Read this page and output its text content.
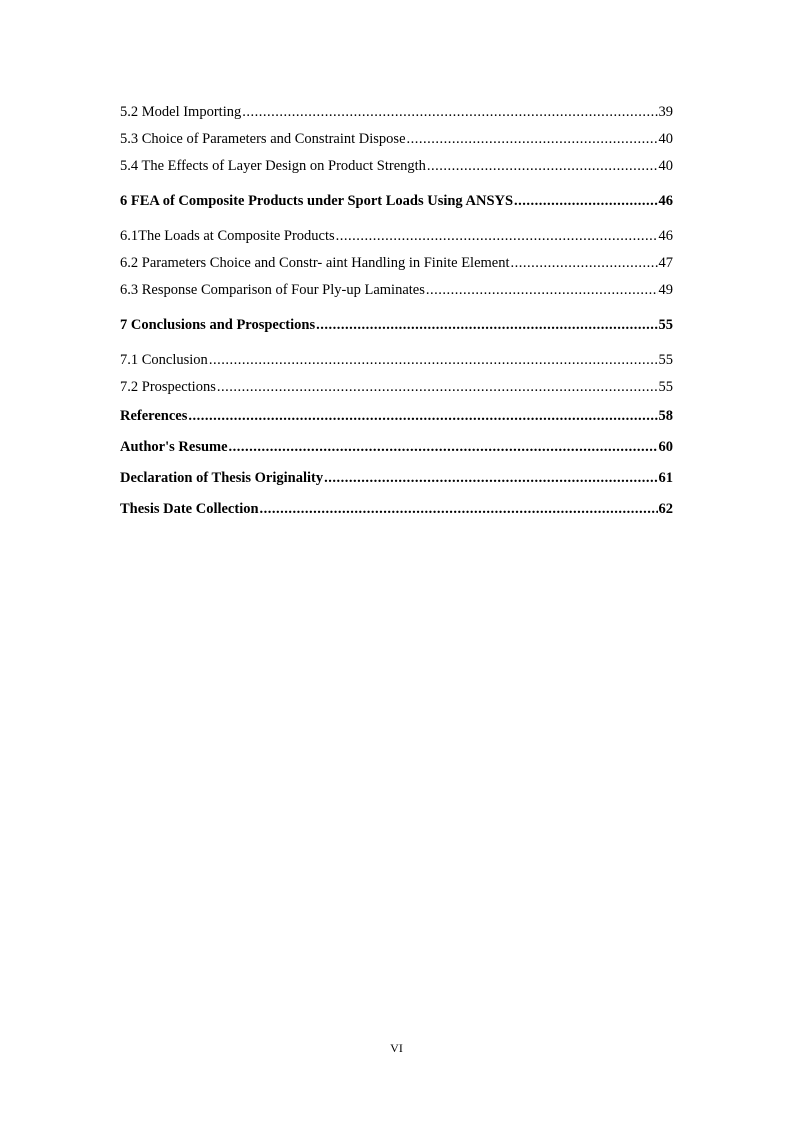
5.2 Model Importing .....	39
5.3 Choice of Parameters and Constraint Dispose .....	40
5.4 The Effects of Layer Design on Product Strength .....	40
6 FEA of Composite Products under Sport Loads Using ANSYS .....	46
6.1The Loads at Composite Products .....	46
6.2 Parameters Choice and Constr- aint Handling in Finite Element .....	47
6.3 Response Comparison of Four Ply-up Laminates .....	49
7 Conclusions and Prospections .....	55
7.1 Conclusion .....	55
7.2 Prospections .....	55
References .....	58
Author's Resume .....	60
Declaration of Thesis Originality .....	61
Thesis Date Collection .....	62
VI
